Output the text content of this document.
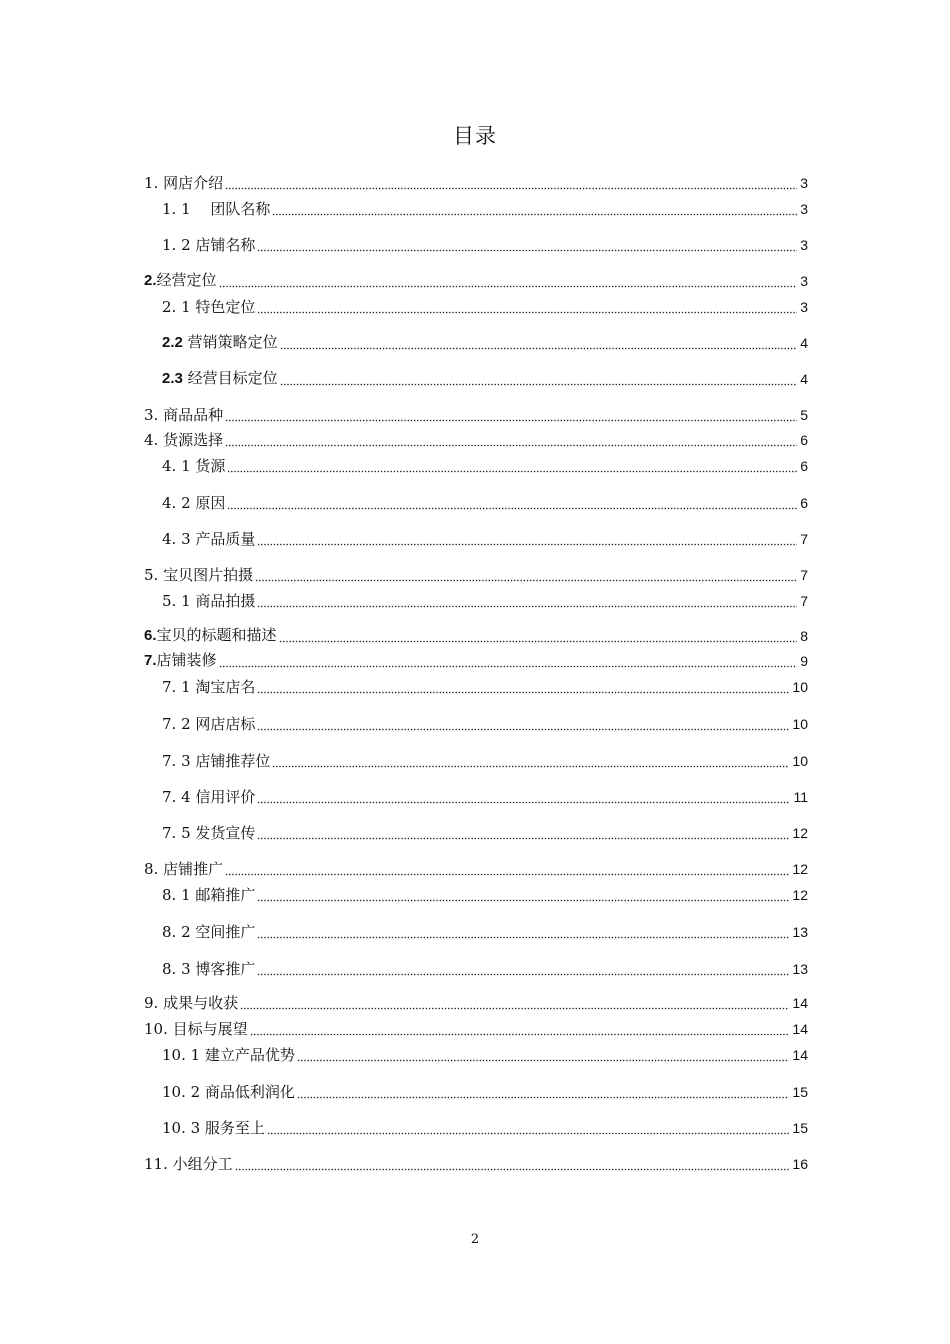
目录
1. 网店介绍	3
1. 1　 团队名称	3
1. 2 店铺名称	3
2.经营定位	3
2. 1 特色定位	3
2.2 营销策略定位	4
2.3 经营目标定位	4
3. 商品品种	5
4. 货源选择	6
4. 1 货源	6
4. 2 原因	6
4. 3 产品质量	7
5. 宝贝图片拍摄	7
5. 1 商品拍摄	7
6.宝贝的标题和描述	8
7.店铺装修	9
7. 1 淘宝店名	10
7. 2 网店店标	10
7. 3 店铺推荐位	10
7. 4 信用评价	11
7. 5 发货宣传	12
8. 店铺推广	12
8. 1 邮箱推广	12
8. 2 空间推广	13
8. 3 博客推广	13
9. 成果与收获	14
10. 目标与展望	14
10. 1 建立产品优势	14
10. 2 商品低利润化	15
10. 3 服务至上	15
11. 小组分工	16
2
